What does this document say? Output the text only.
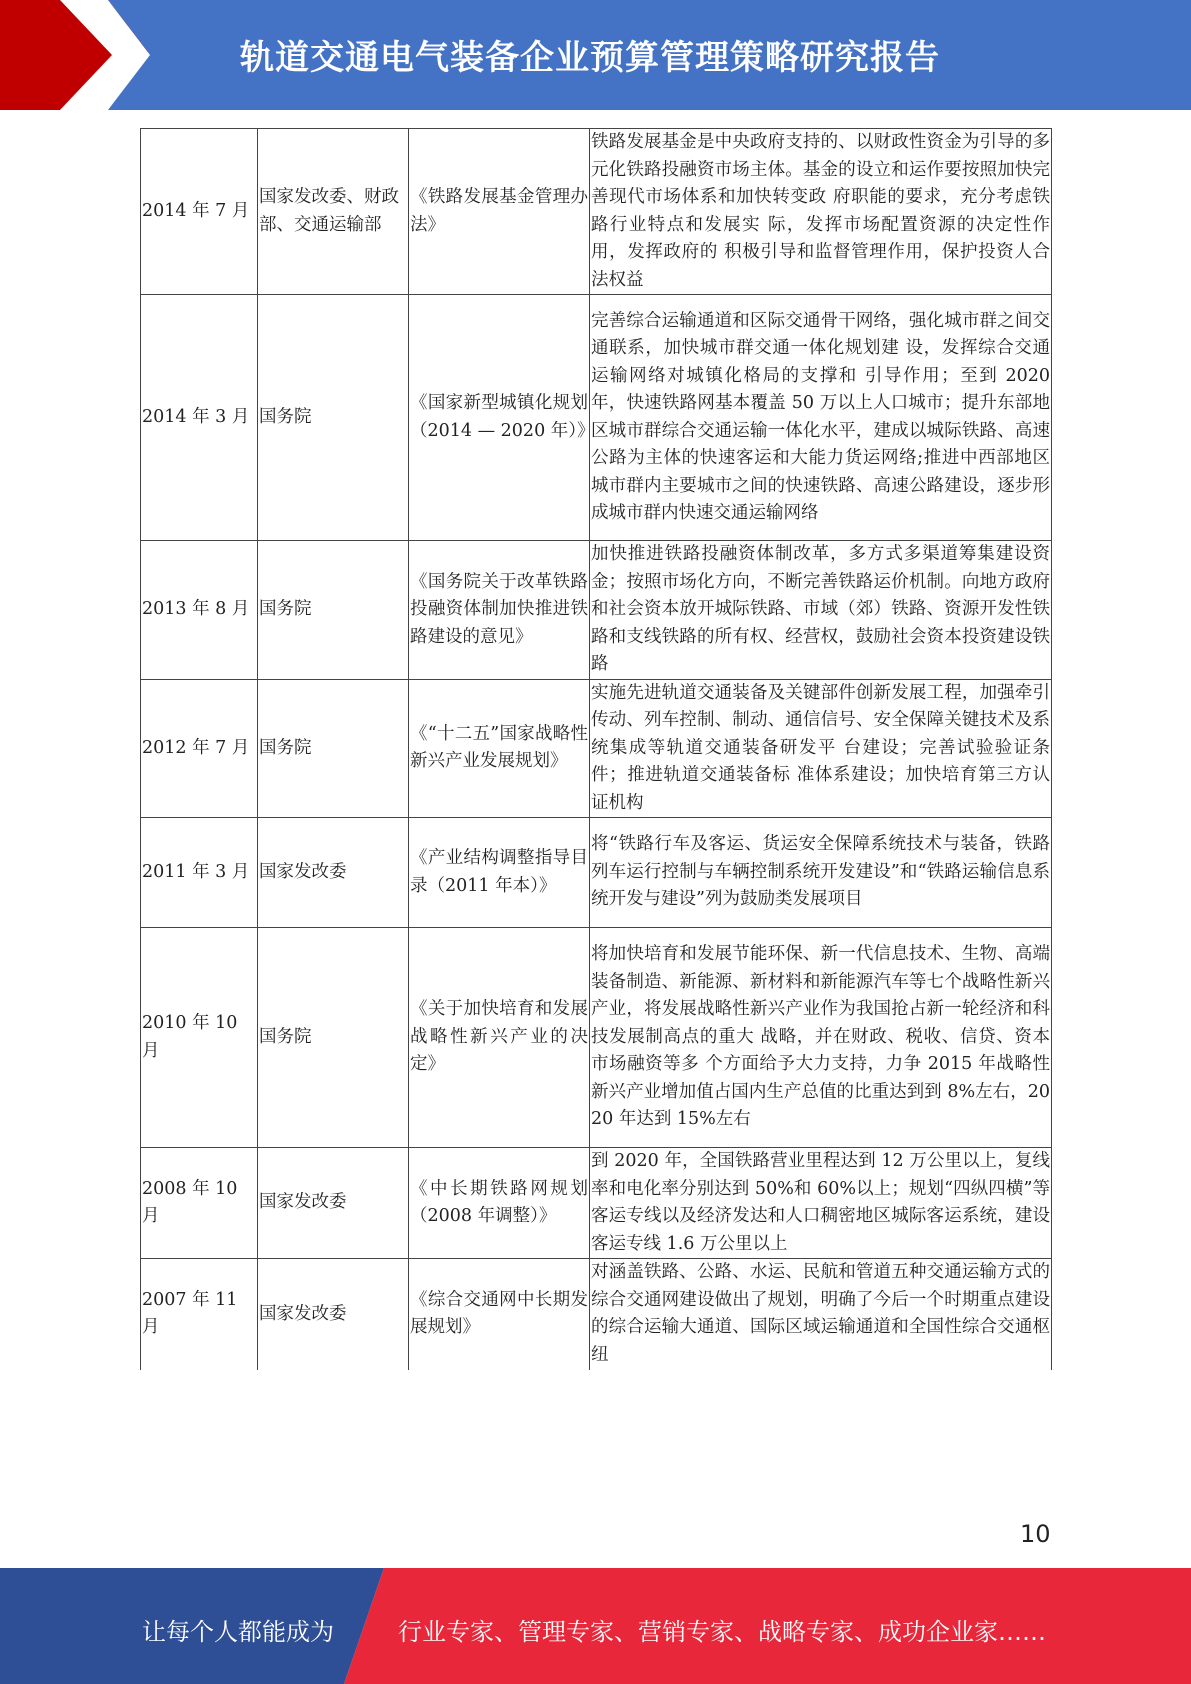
轨道交通电气装备企业预算管理策略研究报告
2014 年 7 月	国家发改委、财政部、交通运输部	《铁路发展基金管理办法》	铁路发展基金是中央政府支持的、以财政性资金为引导的多元化铁路投融资市场主体。基金的设立和运作要按照加快完善现代市场体系和加快转变政 府职能的要求，充分考虑铁路行业特点和发展实 际，发挥市场配置资源的决定性作用，发挥政府的 积极引导和监督管理作用，保护投资人合法权益
2014 年 3 月	国务院	《国家新型城镇化规划（2014 — 2020 年）》	完善综合运输通道和区际交通骨干网络，强化城市群之间交通联系，加快城市群交通一体化规划建 设，发挥综合交通运输网络对城镇化格局的支撑和 引导作用；至到 2020 年，快速铁路网基本覆盖 50 万以上人口城市；提升东部地区城市群综合交通运输一体化水平，建成以城际铁路、高速公路为主体的快速客运和大能力货运网络;推进中西部地区城市群内主要城市之间的快速铁路、高速公路建设，逐步形成城市群内快速交通运输网络
2013 年 8 月	国务院	《国务院关于改革铁路投融资体制加快推进铁路建设的意见》	加快推进铁路投融资体制改革，多方式多渠道筹集建设资金；按照市场化方向，不断完善铁路运价机制。向地方政府和社会资本放开城际铁路、市域（郊）铁路、资源开发性铁路和支线铁路的所有权、经营权，鼓励社会资本投资建设铁路
2012 年 7 月	国务院	《“十二五”国家战略性新兴产业发展规划》	实施先进轨道交通装备及关键部件创新发展工程，加强牵引传动、列车控制、制动、通信信号、安全保障关键技术及系统集成等轨道交通装备研发平 台建设；完善试验验证条件；推进轨道交通装备标 准体系建设；加快培育第三方认证机构
2011 年 3 月	国家发改委	《产业结构调整指导目录（2011 年本）》	将“铁路行车及客运、货运安全保障系统技术与装备，铁路列车运行控制与车辆控制系统开发建设”和“铁路运输信息系统开发与建设”列为鼓励类发展项目
2010 年 10 月	国务院	《关于加快培育和发展战略性新兴产业的决定》	将加快培育和发展节能环保、新一代信息技术、生物、高端装备制造、新能源、新材料和新能源汽车等七个战略性新兴产业，将发展战略性新兴产业作为我国抢占新一轮经济和科技发展制高点的重大 战略，并在财政、税收、信贷、资本市场融资等多 个方面给予大力支持，力争 2015 年战略性新兴产业增加值占国内生产总值的比重达到到 8%左右，2020 年达到 15%左右
2008 年 10 月	国家发改委	《中长期铁路网规划（2008 年调整）》	到 2020 年，全国铁路营业里程达到 12 万公里以上，复线率和电化率分别达到 50%和 60%以上；规划“四纵四横”等客运专线以及经济发达和人口稠密地区城际客运系统，建设客运专线 1.6 万公里以上
2007 年 11 月	国家发改委	《综合交通网中长期发展规划》	对涵盖铁路、公路、水运、民航和管道五种交通运输方式的综合交通网建设做出了规划，明确了今后一个时期重点建设的综合运输大通道、国际区域运输通道和全国性综合交通枢纽
10
让每个人都能成为	行业专家、管理专家、营销专家、战略专家、成功企业家……
